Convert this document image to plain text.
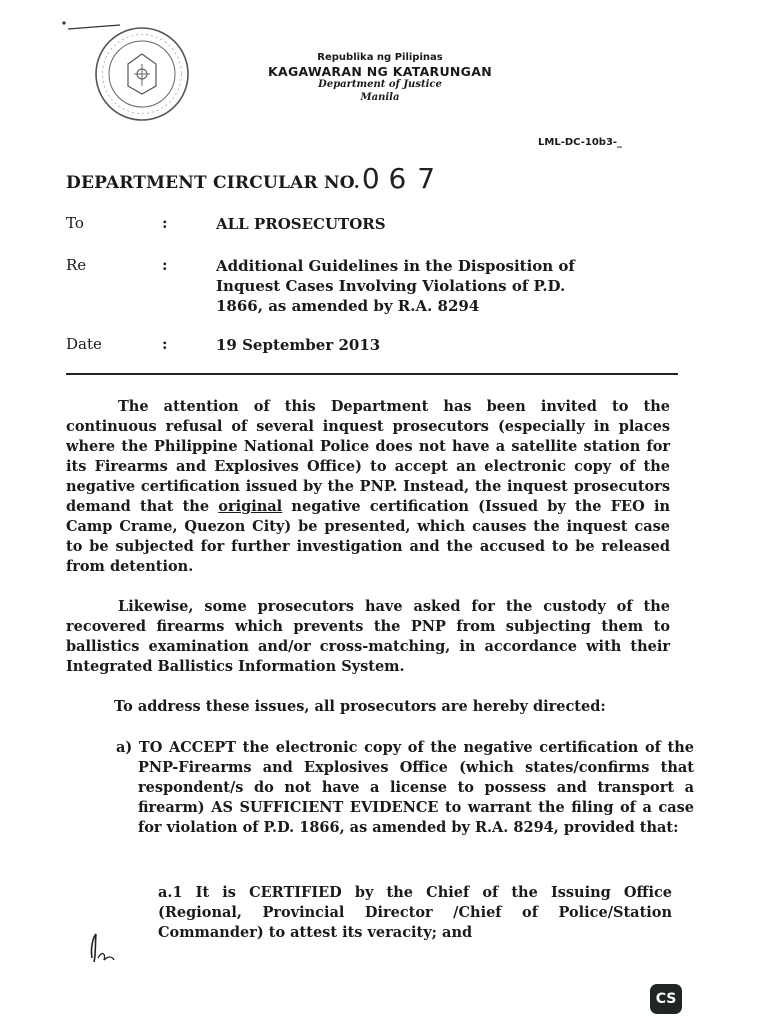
Republika ng Pilipinas
KAGAWARAN NG KATARUNGAN
Department of Justice
Manila
LML-DC-10b3-_
DEPARTMENT CIRCULAR NO.0 6 7
To	:	ALL PROSECUTORS
Re	:	Additional Guidelines in the Disposition of Inquest Cases Involving Violations of P.D. 1866, as amended by R.A. 8294
Date	:	19 September 2013
The attention of this Department has been invited to the continuous refusal of several inquest prosecutors (especially in places where the Philippine National Police does not have a satellite station for its Firearms and Explosives Office) to accept an electronic copy of the negative certification issued by the PNP. Instead, the inquest prosecutors demand that the original negative certification (Issued by the FEO in Camp Crame, Quezon City) be presented, which causes the inquest case to be subjected for further investigation and the accused to be released from detention.
Likewise, some prosecutors have asked for the custody of the recovered firearms which prevents the PNP from subjecting them to ballistics examination and/or cross-matching, in accordance with their Integrated Ballistics Information System.
To address these issues, all prosecutors are hereby directed:
a) TO ACCEPT the electronic copy of the negative certification of the PNP-Firearms and Explosives Office (which states/confirms that respondent/s do not have a license to possess and transport a firearm) AS SUFFICIENT EVIDENCE to warrant the filing of a case for violation of P.D. 1866, as amended by R.A. 8294, provided that:
a.1 It is CERTIFIED by the Chief of the Issuing Office (Regional, Provincial Director /Chief of Police/Station Commander) to attest its veracity; and
CS
